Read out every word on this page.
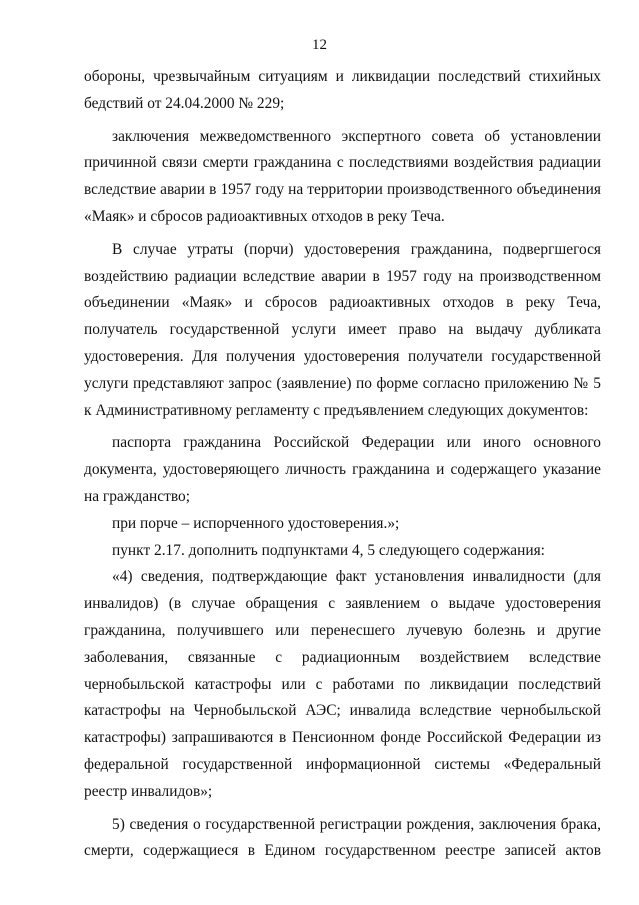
12

обороны, чрезвычайным ситуациям и ликвидации последствий стихийных бедствий от 24.04.2000 № 229;

заключения межведомственного экспертного совета об установлении причинной связи смерти гражданина с последствиями воздействия радиации вследствие аварии в 1957 году на территории производственного объединения «Маяк» и сбросов радиоактивных отходов в реку Теча.

В случае утраты (порчи) удостоверения гражданина, подвергшегося воздействию радиации вследствие аварии в 1957 году на производственном объединении «Маяк» и сбросов радиоактивных отходов в реку Теча, получатель государственной услуги имеет право на выдачу дубликата удостоверения. Для получения удостоверения получатели государственной услуги представляют запрос (заявление) по форме согласно приложению № 5 к Административному регламенту с предъявлением следующих документов:

паспорта гражданина Российской Федерации или иного основного документа, удостоверяющего личность гражданина и содержащего указание на гражданство;

при порче – испорченного удостоверения.»;

пункт 2.17. дополнить подпунктами 4, 5 следующего содержания:

«4) сведения, подтверждающие факт установления инвалидности (для инвалидов) (в случае обращения с заявлением о выдаче удостоверения гражданина, получившего или перенесшего лучевую болезнь и другие заболевания, связанные с радиационным воздействием вследствие чернобыльской катастрофы или с работами по ликвидации последствий катастрофы на Чернобыльской АЭС; инвалида вследствие чернобыльской катастрофы) запрашиваются в Пенсионном фонде Российской Федерации из федеральной государственной информационной системы «Федеральный реестр инвалидов»;

5) сведения о государственной регистрации рождения, заключения брака, смерти, содержащиеся в Едином государственном реестре записей актов
